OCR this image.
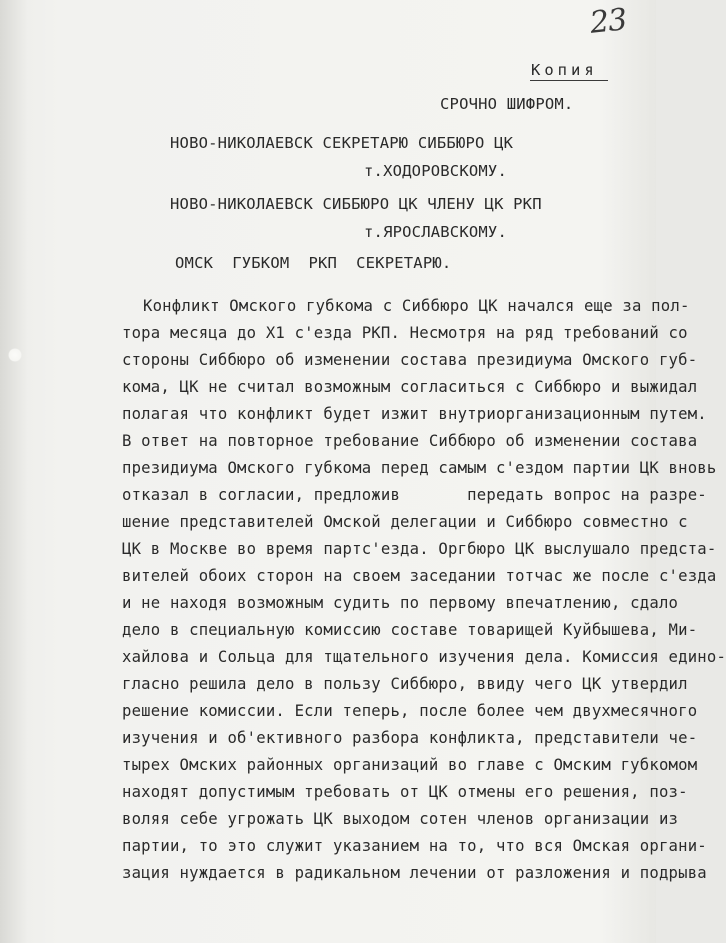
23
Копия
СРОЧНО ШИФРОМ.
НОВО-НИКОЛАЕВСК СЕКРЕТАРЮ СИББЮРО ЦК
т.ХОДОРОВСКОМУ.
НОВО-НИКОЛАЕВСК СИББЮРО ЦК ЧЛЕНУ ЦК РКП
т.ЯРОСЛАВСКОМУ.
ОМСК  ГУБКОМ  РКП  СЕКРЕТАРЮ.
Конфликт Омского губкома с Сиббюро ЦК начался еще за пол-
тора месяца до Х1 с'езда РКП. Несмотря на ряд требований со
стороны Сиббюро об изменении состава президиума Омского губ-
кома, ЦК не считал возможным согласиться с Сиббюро и выжидал
полагая что конфликт будет изжит внутриорганизационным путем.
В ответ на повторное требование Сиббюро об изменении состава
президиума Омского губкома перед самым с'ездом партии ЦК вновь
отказал в согласии, предложив       передать вопрос на разре-
шение представителей Омской делегации и Сиббюро совместно с
ЦК в Москве во время партс'езда. Оргбюро ЦК выслушало предста-
вителей обоих сторон на своем заседании тотчас же после с'езда
и не находя возможным судить по первому впечатлению, сдало
дело в специальную комиссию составе товарищей Куйбышева, Ми-
хайлова и Сольца для тщательного изучения дела. Комиссия едино-
гласно решила дело в пользу Сиббюро, ввиду чего ЦК утвердил
решение комиссии. Если теперь, после более чем двухмесячного
изучения и об'ективного разбора конфликта, представители че-
тырех Омских районных организаций во главе с Омским губкомом
находят допустимым требовать от ЦК отмены его решения, поз-
воляя себе угрожать ЦК выходом сотен членов организации из
партии, то это служит указанием на то, что вся Омская органи-
зация нуждается в радикальном лечении от разложения и подрыва
